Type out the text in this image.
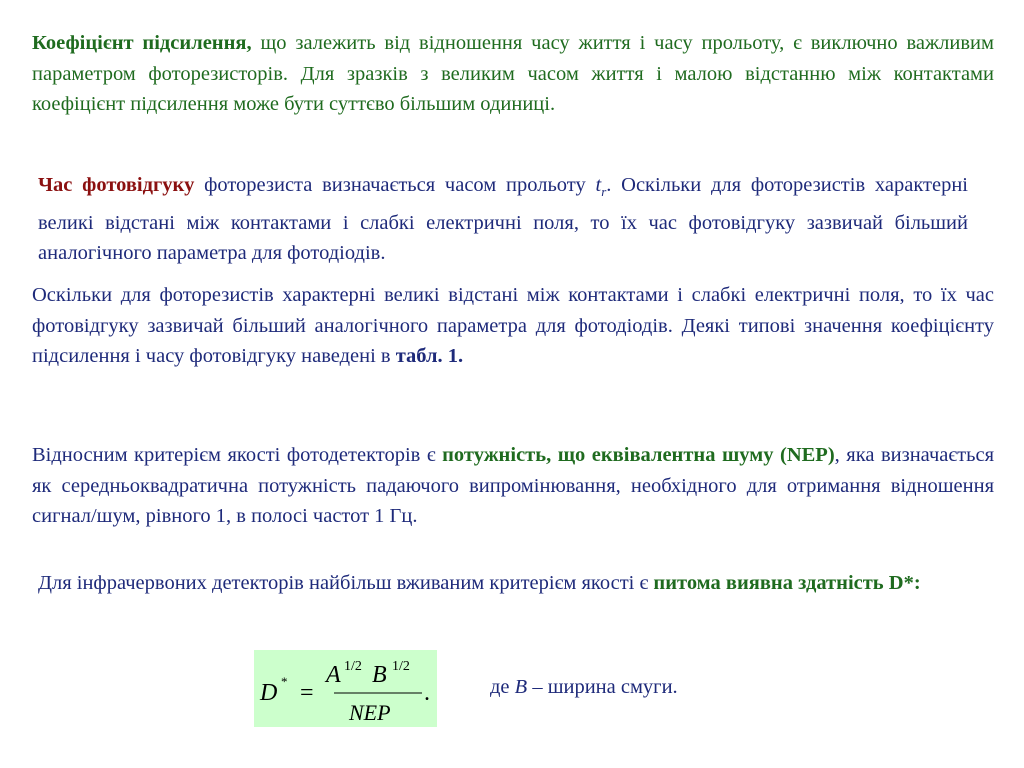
Коефіцієнт підсилення, що залежить від відношення часу життя і часу прольоту, є виключно важливим параметром фоторезисторів. Для зразків з великим часом життя і малою відстанню між контактами коефіцієнт підсилення може бути суттєво більшим одиниці.

Час фотовідгуку фоторезиста визначається часом прольоту $t_r$. Оскільки для фоторезистів характерні великі відстані між контактами і слабкі електричні поля, то їх час фотовідгуку зазвичай більший аналогічного параметра для фотодіодів.

Оскільки для фоторезистів характерні великі відстані між контактами і слабкі електричні поля, то їх час фотовідгуку зазвичай більший аналогічного параметра для фотодіодів. Деякі типові значення коефіцієнту підсилення і часу фотовідгуку наведені в табл. 1.

Відносним критерієм якості фотодетекторів є потужність, що еквівалентна шуму (NEP), яка визначається як середньоквадратична потужність падаючого випромінювання, необхідного для отримання відношення сигнал/шум, рівного 1, в полосі частот 1 Гц.

Для інфрачервоних детекторів найбільш вживаним критерієм якості є питома виявна здатність D*:

D * =
A 1/2 B 1/2
NEP
.	де B – ширина смуги.
